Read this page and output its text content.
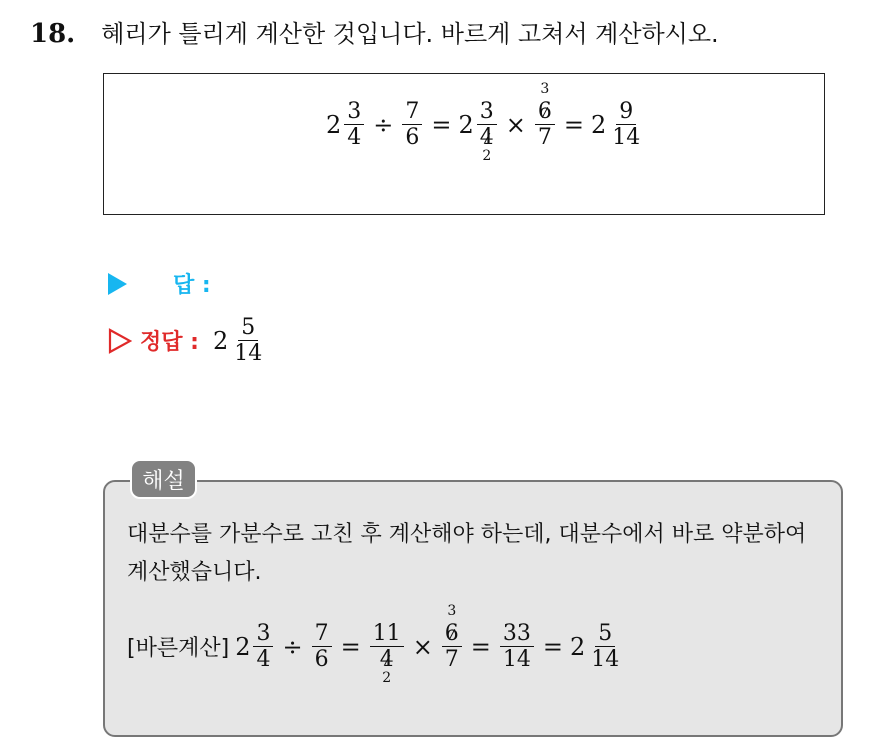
18. 혜리가 틀리게 계산한 것입니다. 바르게 고쳐서 계산하시오.
$2 \frac{3}{4} \div \frac{7}{6} = 2$ 3
4
2 × 3
6
$7 = 2 \frac{9}{14}$
답 :
정답 : $2 \frac{5}{14}$
해설
대분수를 가분수로 고친 후 계산해야 하는데, 대분수에서 바로 약분하여 계산했습니다.
[바른계산] $2 \frac{3}{4} \div \frac{7}{6} = 11$
4
2 × 3
6
$7 = \frac{33}{14} = 2 \frac{5}{14}$
